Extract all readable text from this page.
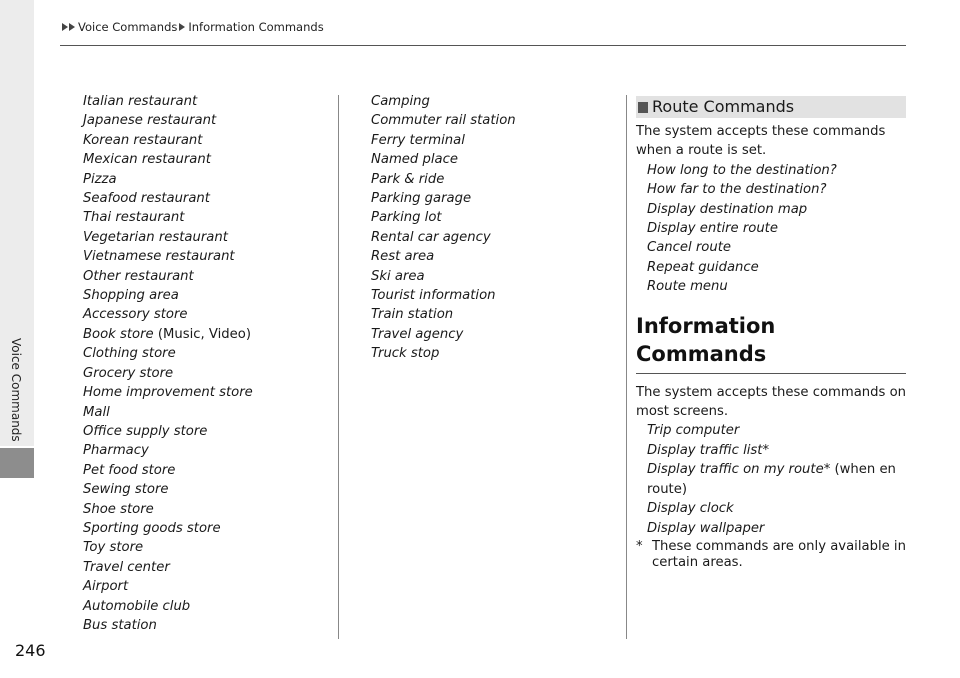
Voice Commands Information Commands
Voice Commands
Italian restaurant
Japanese restaurant
Korean restaurant
Mexican restaurant
Pizza
Seafood restaurant
Thai restaurant
Vegetarian restaurant
Vietnamese restaurant
Other restaurant
Shopping area
Accessory store
Book store (Music, Video)
Clothing store
Grocery store
Home improvement store
Mall
Office supply store
Pharmacy
Pet food store
Sewing store
Shoe store
Sporting goods store
Toy store
Travel center
Airport
Automobile club
Bus station
Camping
Commuter rail station
Ferry terminal
Named place
Park & ride
Parking garage
Parking lot
Rental car agency
Rest area
Ski area
Tourist information
Train station
Travel agency
Truck stop
Route Commands
The system accepts these commands when a route is set.
How long to the destination?
How far to the destination?
Display destination map
Display entire route
Cancel route
Repeat guidance
Route menu
Information Commands
The system accepts these commands on most screens.
Trip computer
Display traffic list*
Display traffic on my route* (when en route)
Display clock
Display wallpaper
* These commands are only available in certain areas.
246
